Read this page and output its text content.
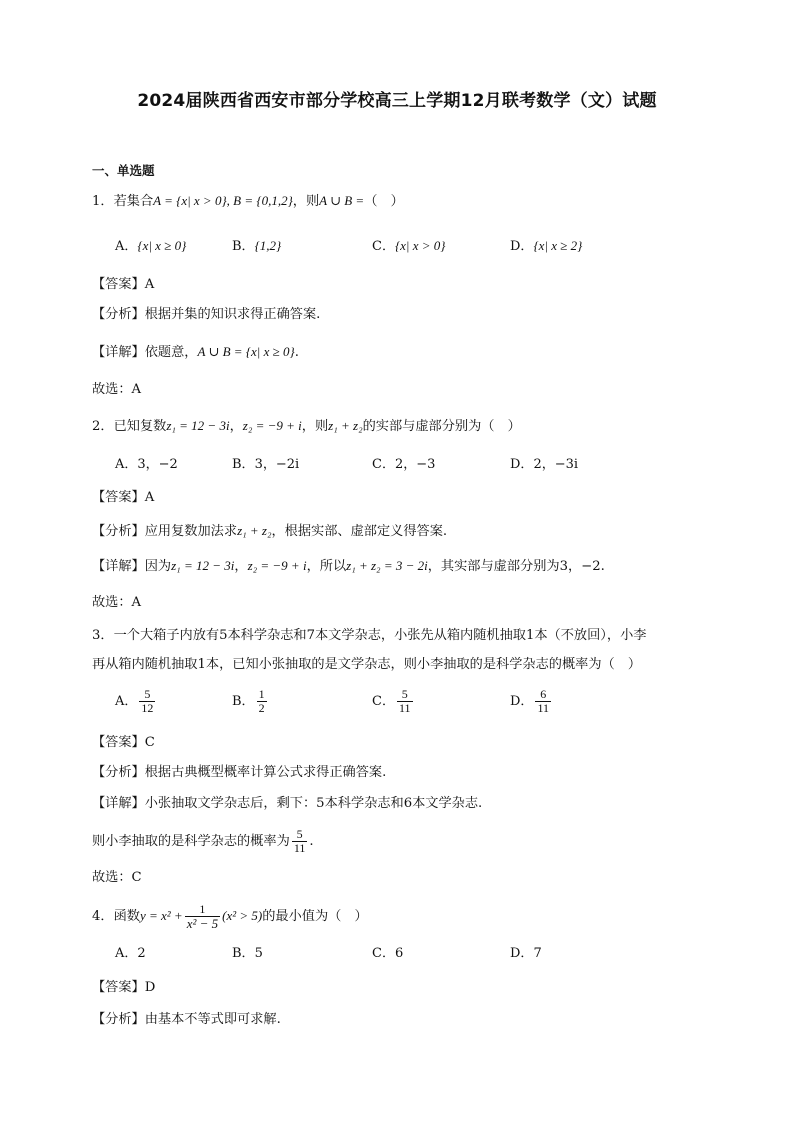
2024届陕西省西安市部分学校高三上学期12月联考数学（文）试题
一、单选题
1．若集合A = {x| x > 0}, B = {0,1,2}，则A ∪ B =（　）
A．{x| x ≥ 0}	B．{1,2}	C．{x| x > 0}	D．{x| x ≥ 2}
【答案】A
【分析】根据并集的知识求得正确答案.
【详解】依题意，A ∪ B = {x| x ≥ 0}.
故选：A
2．已知复数z₁ = 12 − 3i，z₂ = −9 + i，则z₁ + z₂的实部与虚部分别为（　）
A．3，−2	B．3，−2i	C．2，−3	D．2，−3i
【答案】A
【分析】应用复数加法求z₁ + z₂，根据实部、虚部定义得答案.
【详解】因为z₁ = 12 − 3i，z₂ = −9 + i，所以z₁ + z₂ = 3 − 2i，其实部与虚部分别为3，−2.
故选：A
3．一个大箱子内放有5本科学杂志和7本文学杂志，小张先从箱内随机抽取1本（不放回），小李
再从箱内随机抽取1本，已知小张抽取的是文学杂志，则小李抽取的是科学杂志的概率为（　）
A． $\frac{5}{12}$	B． $\frac{1}{2}$	C． $\frac{5}{11}$	D． $\frac{6}{11}$
【答案】C
【分析】根据古典概型概率计算公式求得正确答案.
【详解】小张抽取文学杂志后，剩下：5本科学杂志和6本文学杂志.
则小李抽取的是科学杂志的概率为 $\frac{5}{11}$ .
故选：C
4．函数$y = x^2 + \frac{1}{\text{x² − 5}} (x^2 > 5)$的最小值为（　）
A．2	B．5	C．6	D．7
【答案】D
【分析】由基本不等式即可求解.
